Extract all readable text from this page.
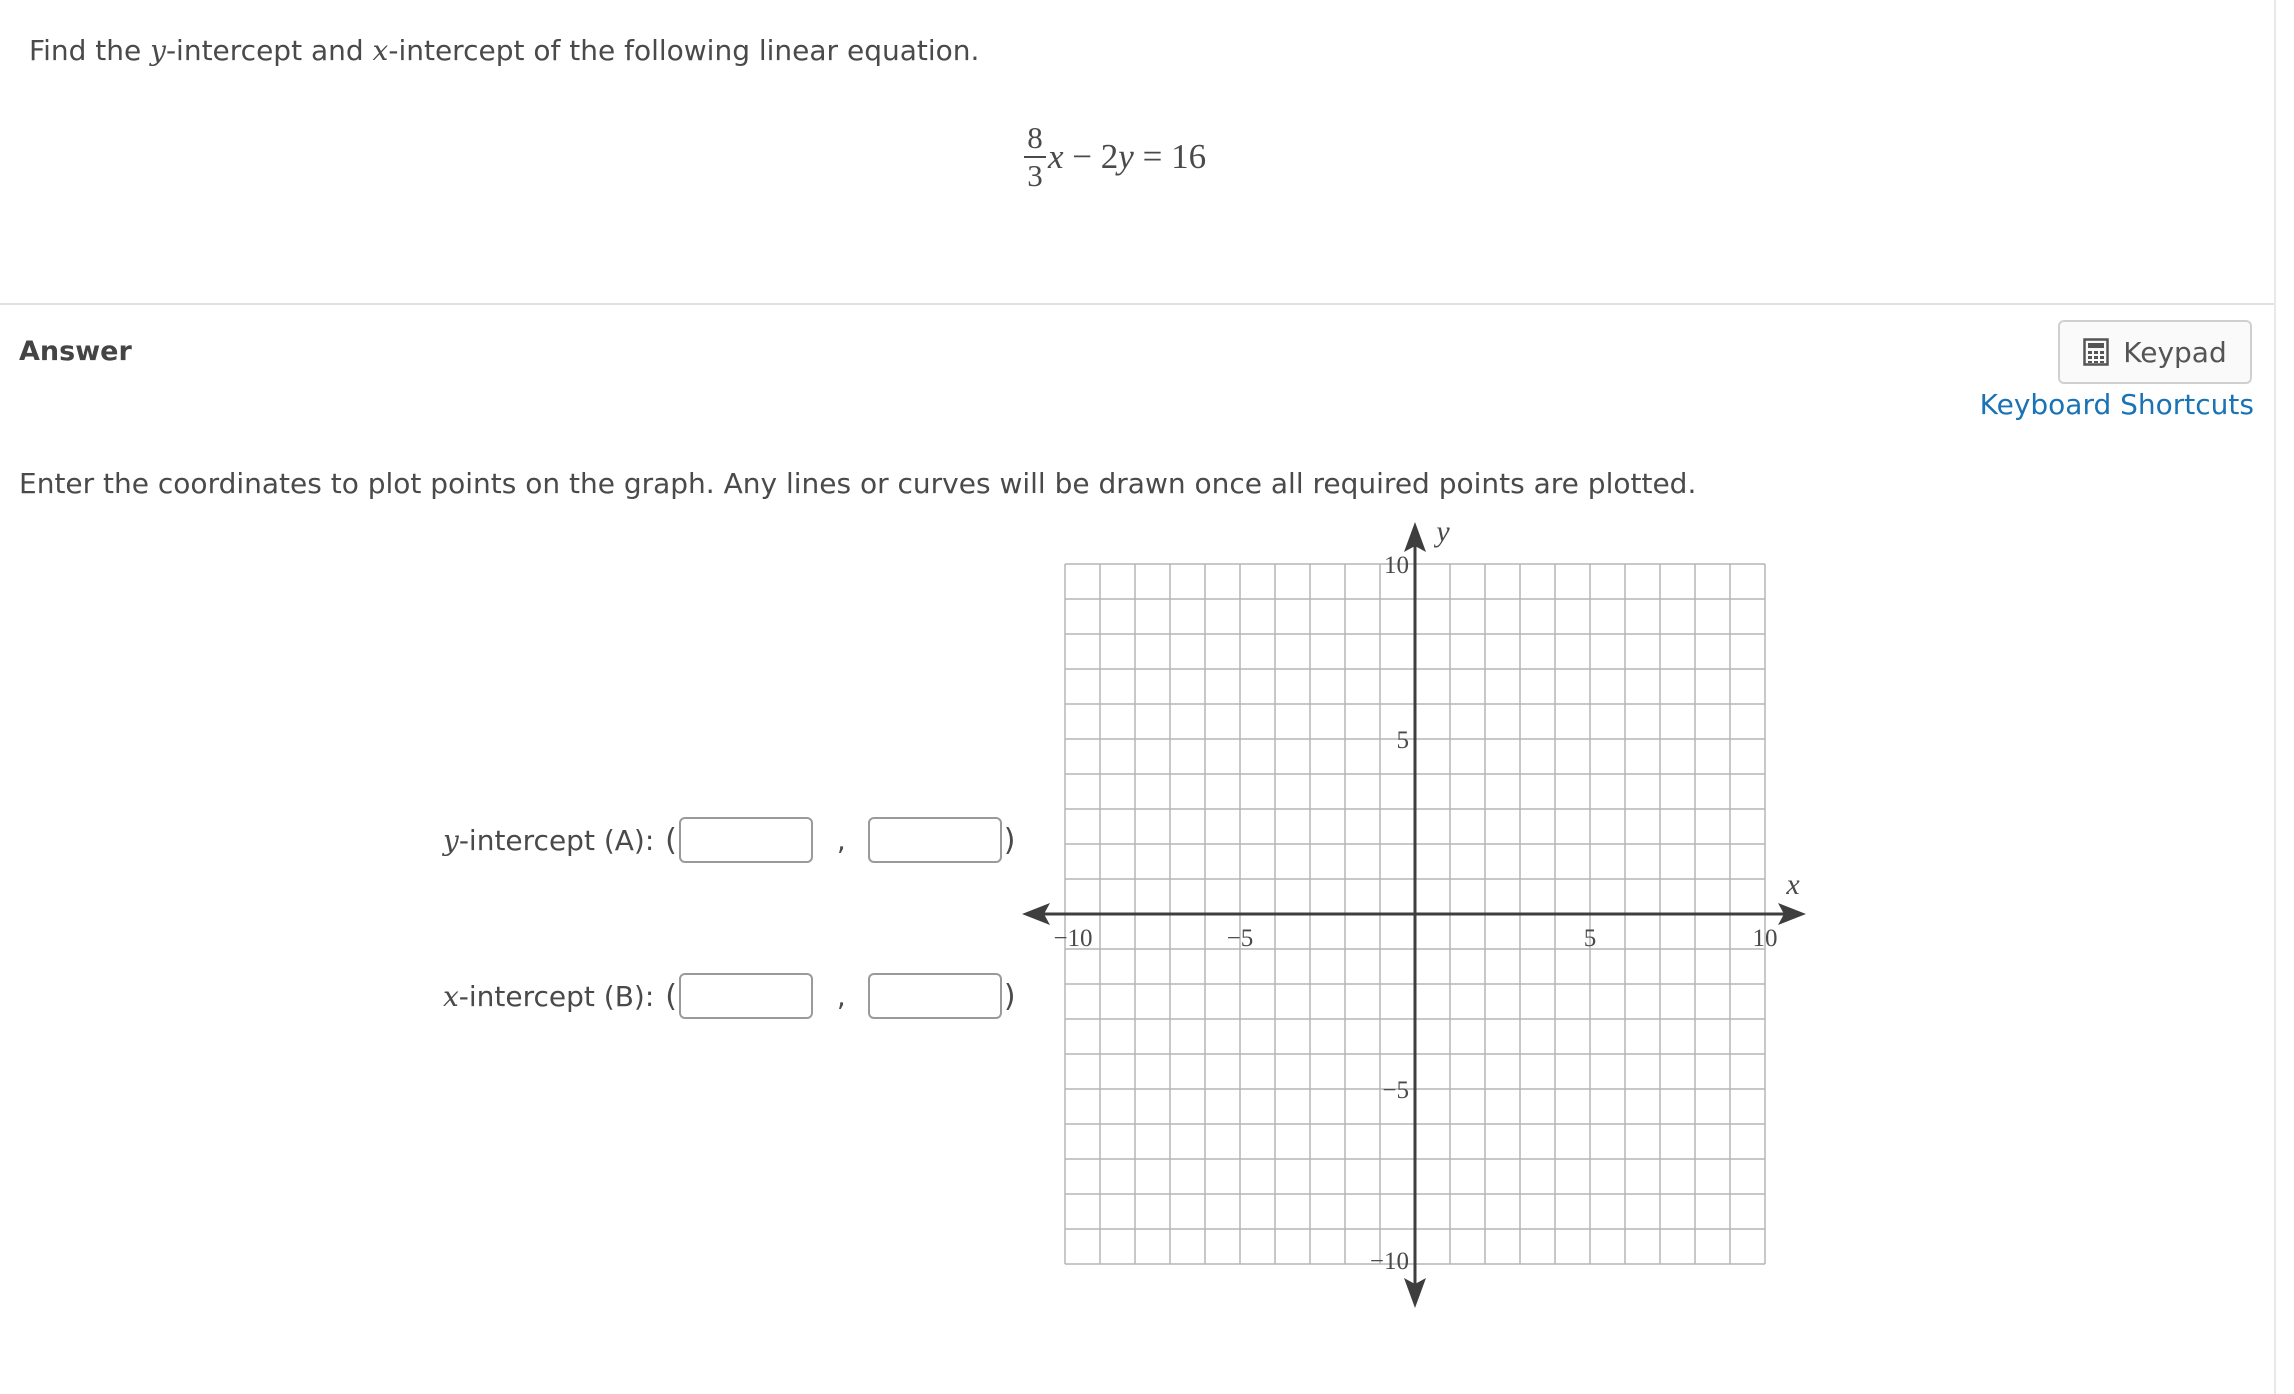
Find the y-intercept and x-intercept of the following linear equation.
$\frac{8}{3}$ x − 2 y = 16
Answer	Keypad
Keyboard Shortcuts
Enter the coordinates to plot points on the graph. Any lines or curves will be drawn once all required points are plotted.
y -intercept (A): (	,	)
x -intercept (B): (	,	)
−10	−5	5	10
10
5
−5
−10
x
y
